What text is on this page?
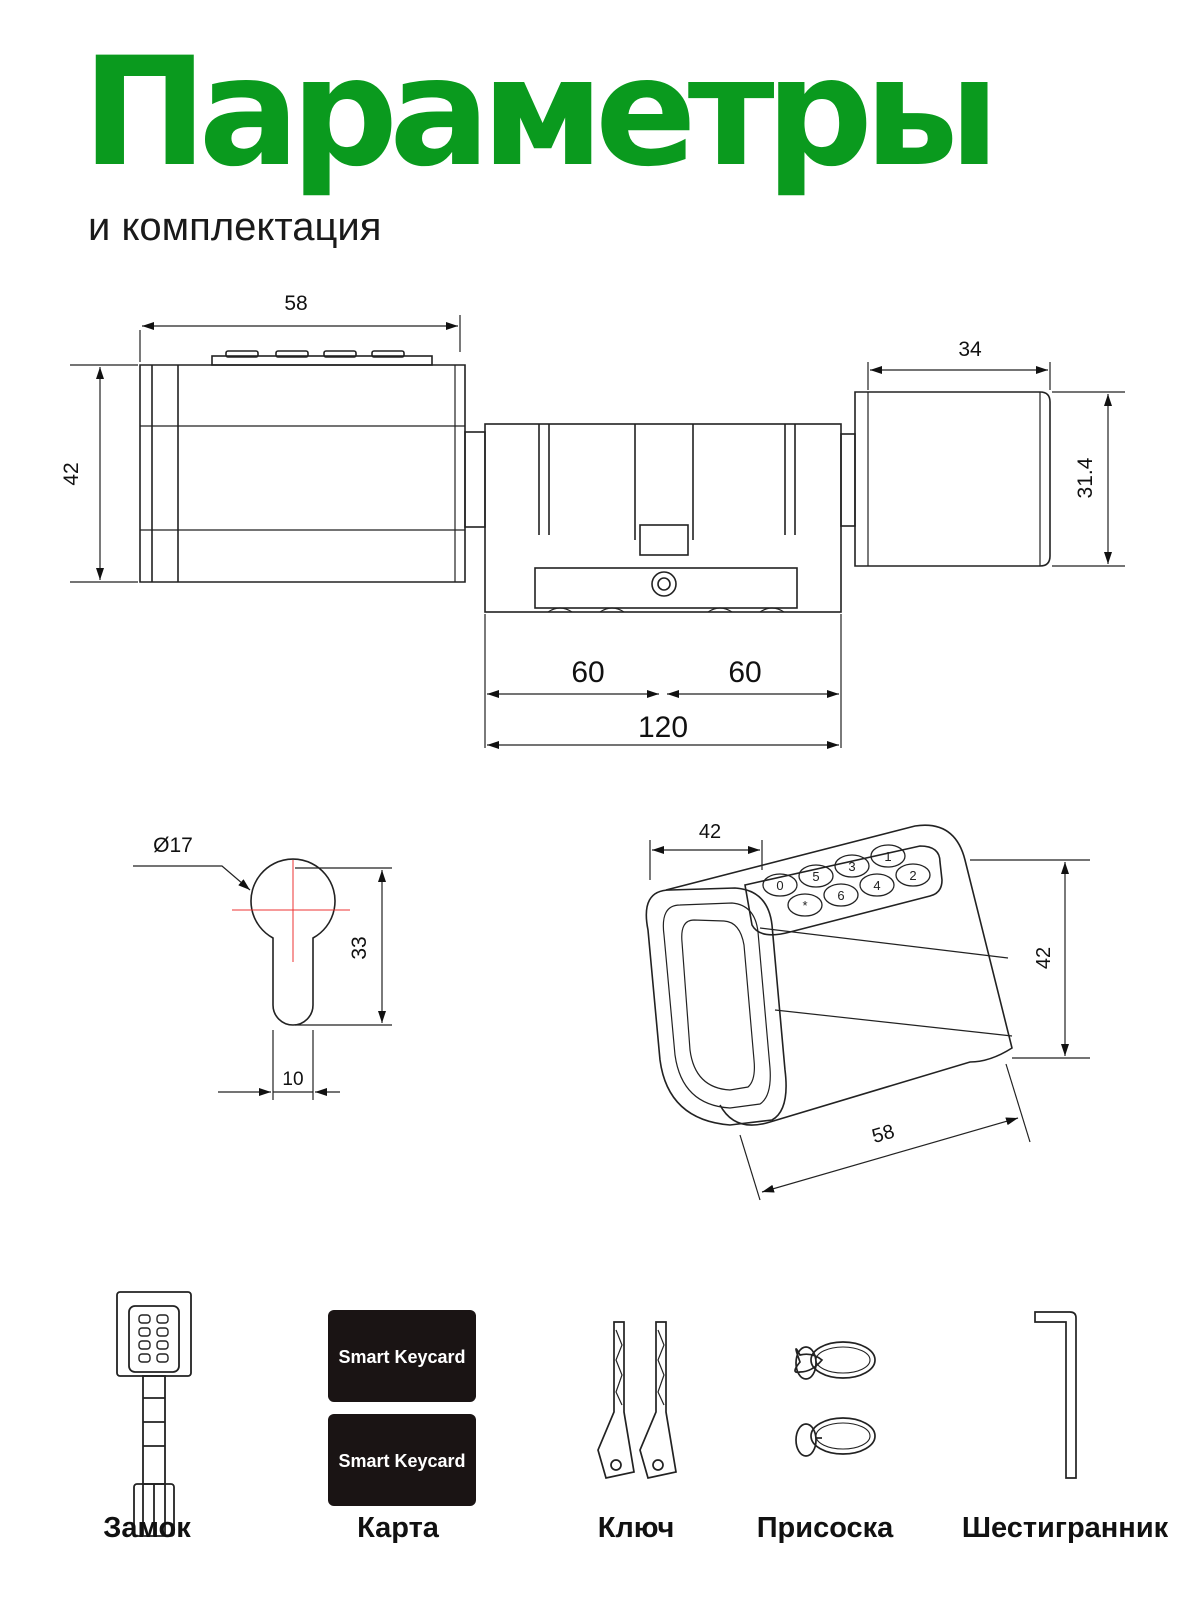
Параметры
и комплектация
58
42
34
31.4
60	60
120
Ø17
33
10
1
3
5
0
2
4
6
*
42
42
58
Smart Keycard
Smart Keycard
Замок	Карта	Ключ	Присоска	Шестигранник
